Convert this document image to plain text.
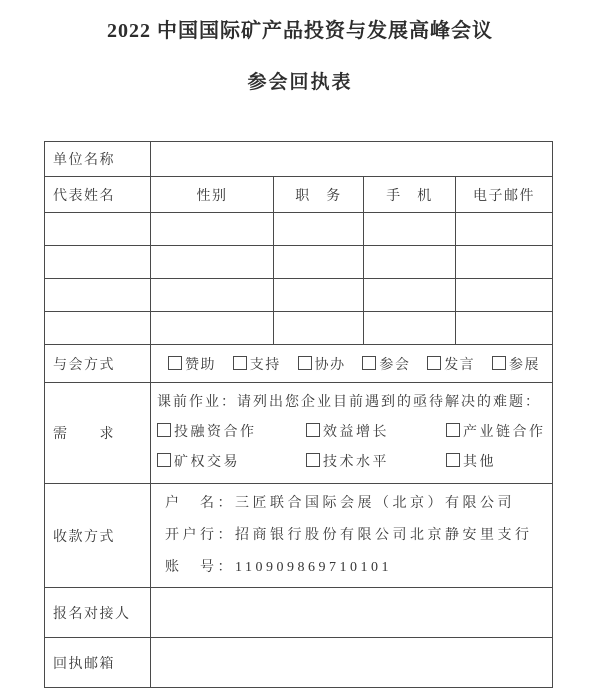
2022 中国国际矿产品投资与发展高峰会议
参会回执表
单位名称				
代表姓名	性别	职　务	手　机	电子邮件

与会方式	赞助	支持	协办	参会	发言	参展

需　　求	
课前作业：请列出您企业目前遇到的亟待解决的难题：
投融资合作	效益增长	产业链合作
矿权交易	技术水平	其他

收款方式	户　名：三匠联合国际会展（北京）有限公司
开户行：招商银行股份有限公司北京静安里支行
账　号：110909869710101			

报名对接人				
回执邮箱				
